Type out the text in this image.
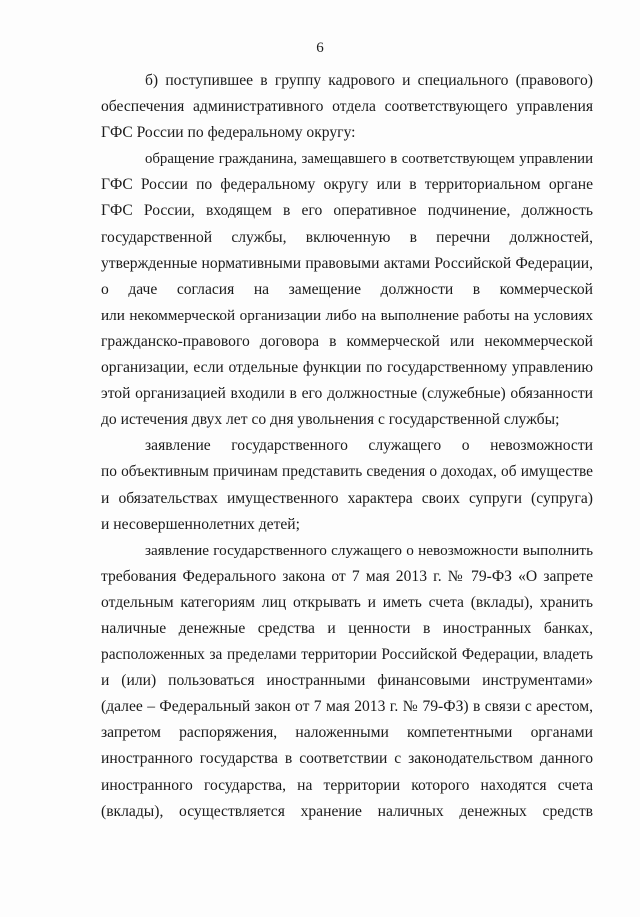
6
б) поступившее в группу кадрового и специального (правового)
обеспечения административного отдела соответствующего управления
ГФС России по федеральному округу:
обращение гражданина, замещавшего в соответствующем управлении
ГФС России по федеральному округу или в территориальном органе
ГФС России, входящем в его оперативное подчинение, должность
государственной службы, включенную в перечни должностей,
утвержденные нормативными правовыми актами Российской Федерации,
о даче согласия на замещение должности в коммерческой
или некоммерческой организации либо на выполнение работы на условиях
гражданско-правового договора в коммерческой или некоммерческой
организации, если отдельные функции по государственному управлению
этой организацией входили в его должностные (служебные) обязанности
до истечения двух лет со дня увольнения с государственной службы;
заявление государственного служащего о невозможности
по объективным причинам представить сведения о доходах, об имуществе
и обязательствах имущественного характера своих супруги (супруга)
и несовершеннолетних детей;
заявление государственного служащего о невозможности выполнить
требования Федерального закона от 7 мая 2013 г. № 79-ФЗ «О запрете
отдельным категориям лиц открывать и иметь счета (вклады), хранить
наличные денежные средства и ценности в иностранных банках,
расположенных за пределами территории Российской Федерации, владеть
и (или) пользоваться иностранными финансовыми инструментами»
(далее – Федеральный закон от 7 мая 2013 г. № 79-ФЗ) в связи с арестом,
запретом распоряжения, наложенными компетентными органами
иностранного государства в соответствии с законодательством данного
иностранного государства, на территории которого находятся счета
(вклады), осуществляется хранение наличных денежных средств
